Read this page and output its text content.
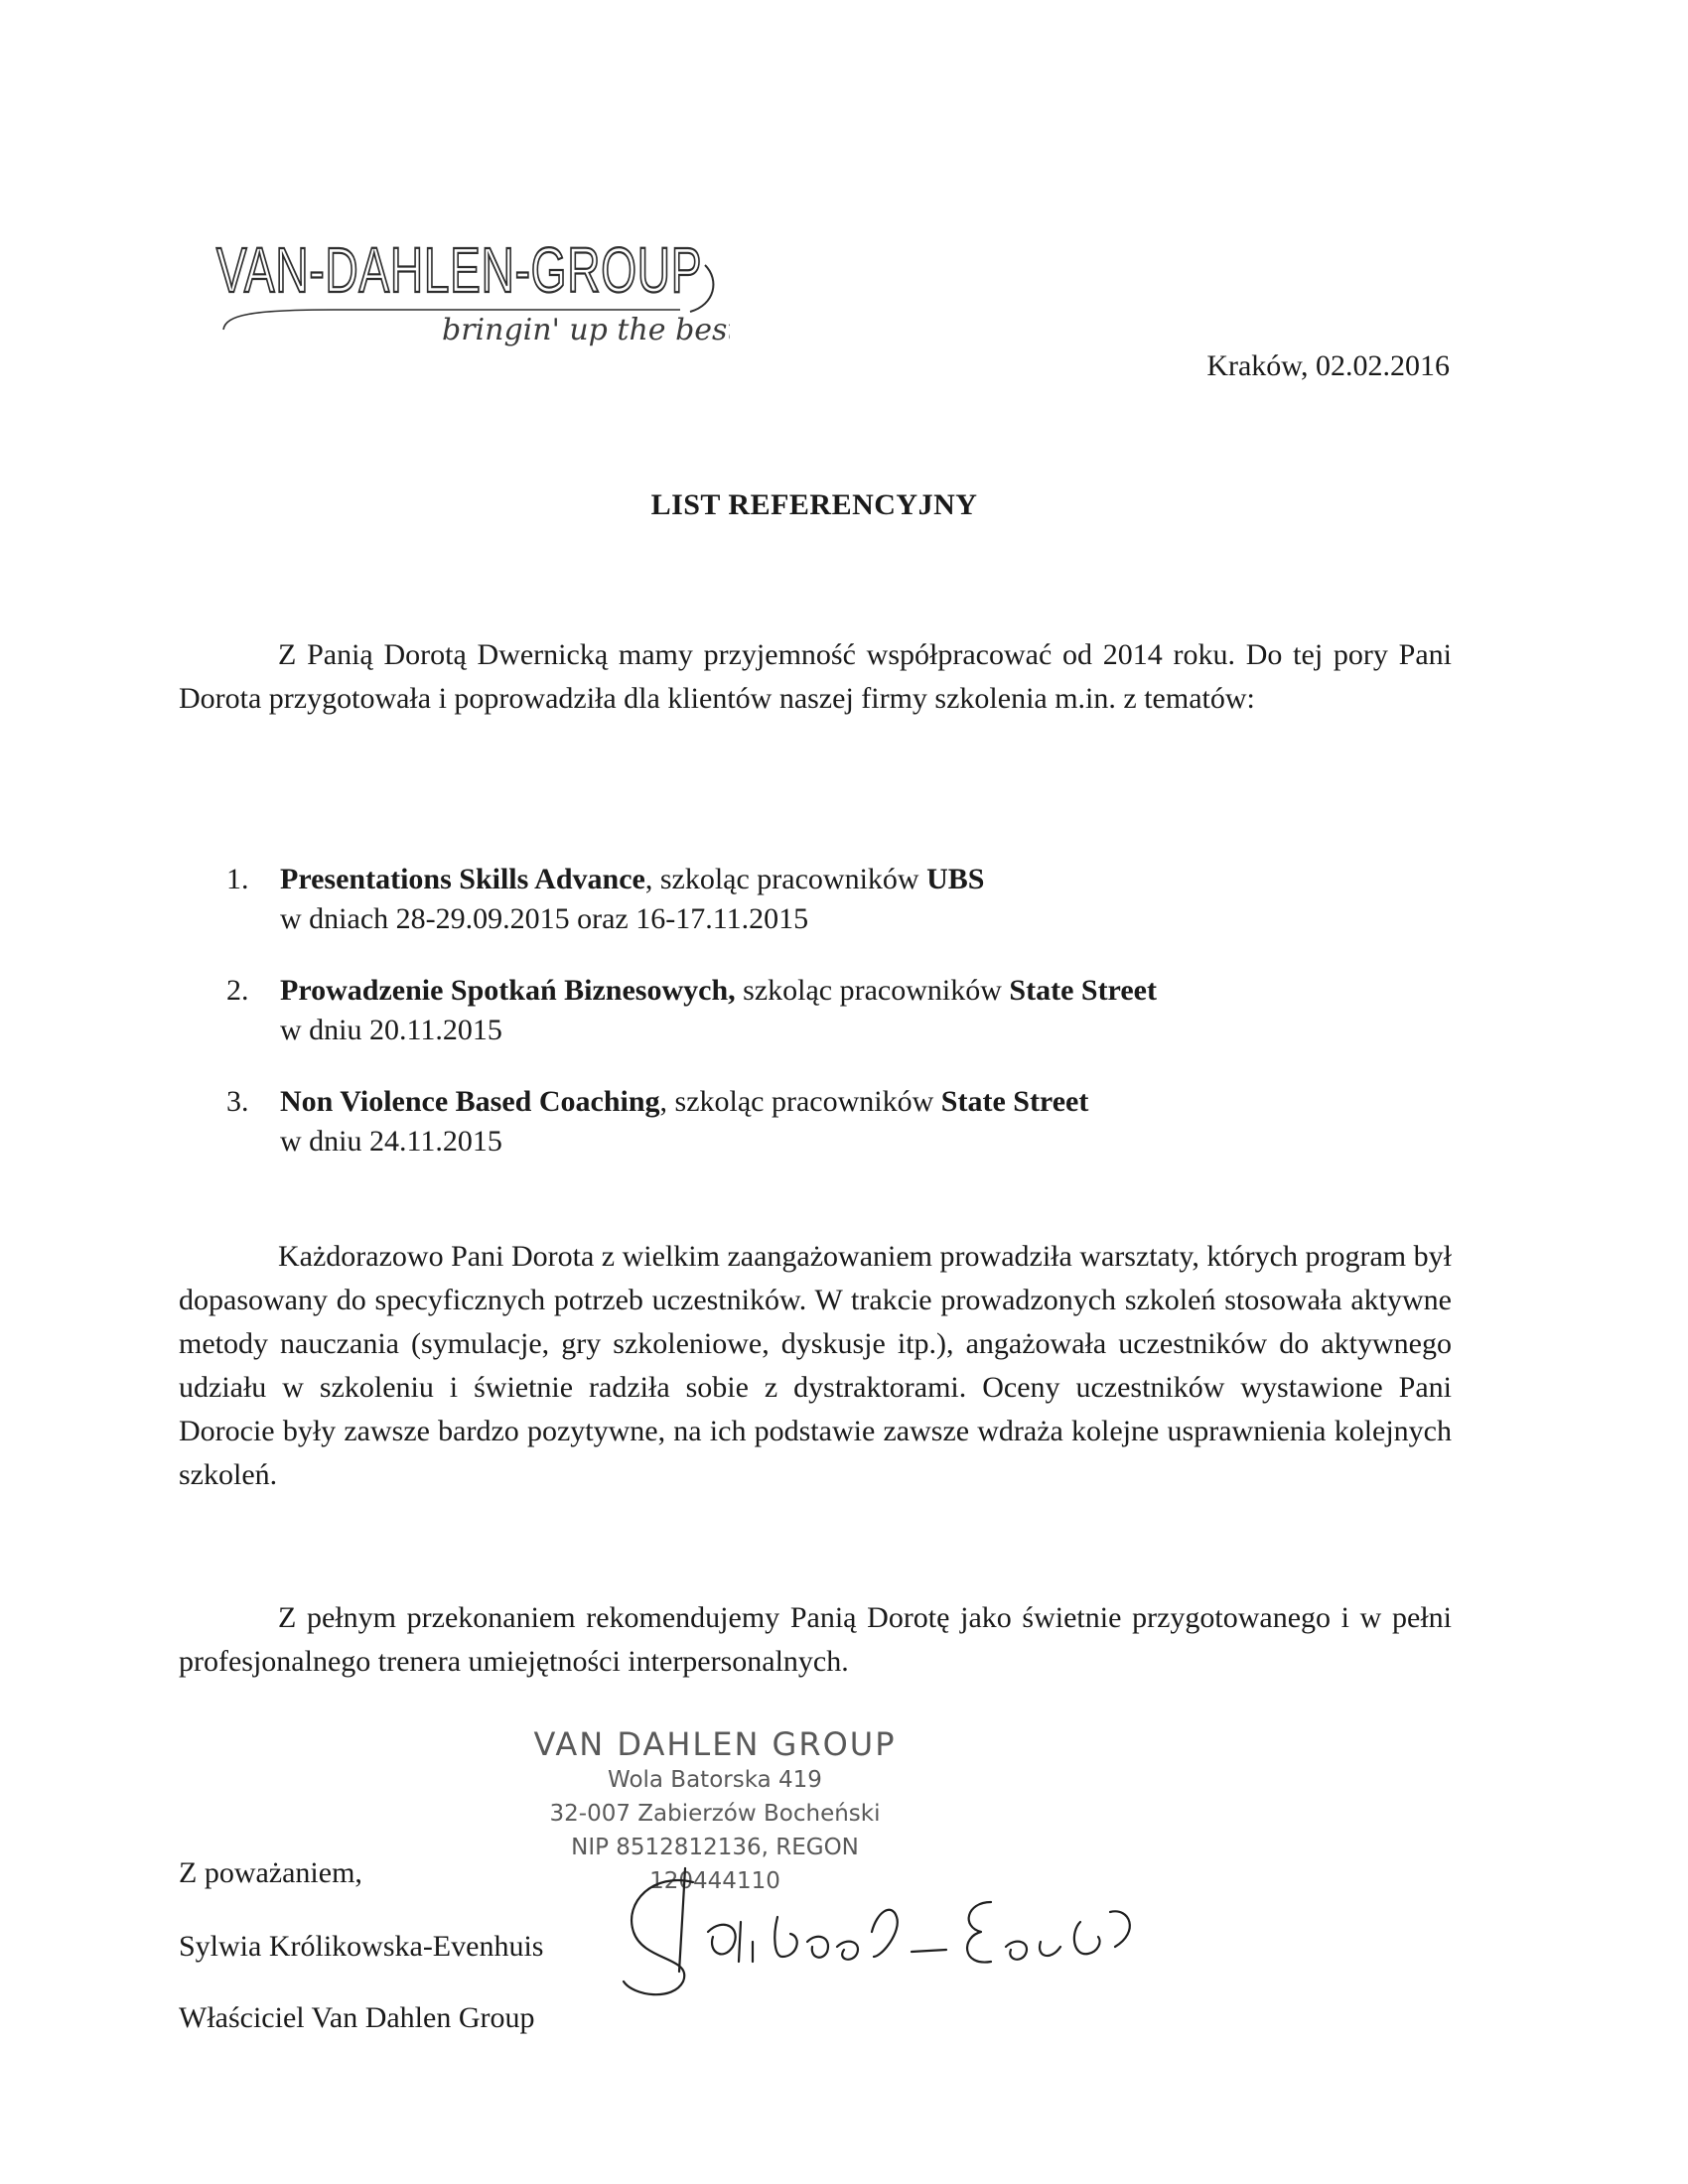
VAN-DAHLEN-GROUP
bringin' up the best
Kraków, 02.02.2016
LIST REFERENCYJNY

Z Panią Dorotą Dwernicką mamy przyjemność współpracować od 2014 roku. Do tej pory Pani Dorota przygotowała i poprowadziła dla klientów naszej firmy szkolenia m.in. z tematów:

1.	Presentations Skills Advance, szkoląc pracowników UBS
w dniach 28-29.09.2015 oraz 16-17.11.2015
2.	Prowadzenie Spotkań Biznesowych, szkoląc pracowników State Street
w dniu 20.11.2015
3.	Non Violence Based Coaching, szkoląc pracowników State Street
w dniu 24.11.2015

Każdorazowo Pani Dorota z wielkim zaangażowaniem prowadziła warsztaty, których program był dopasowany do specyficznych potrzeb uczestników. W trakcie prowadzonych szkoleń stosowała aktywne metody nauczania (symulacje, gry szkoleniowe, dyskusje itp.), angażowała uczestników do aktywnego udziału w szkoleniu i świetnie radziła sobie z dystraktorami. Oceny uczestników wystawione Pani Dorocie były zawsze bardzo pozytywne, na ich podstawie zawsze wdraża kolejne usprawnienia kolejnych szkoleń.

Z pełnym przekonaniem rekomendujemy Panią Dorotę jako świetnie przygotowanego i w pełni profesjonalnego trenera umiejętności interpersonalnych.

VAN DAHLEN GROUP
Wola Batorska 419
32-007 Zabierzów Bocheński
NIP 8512812136, REGON 120444110
Z poważaniem,
Sylwia Królikowska-Evenhuis
Właściciel Van Dahlen Group
